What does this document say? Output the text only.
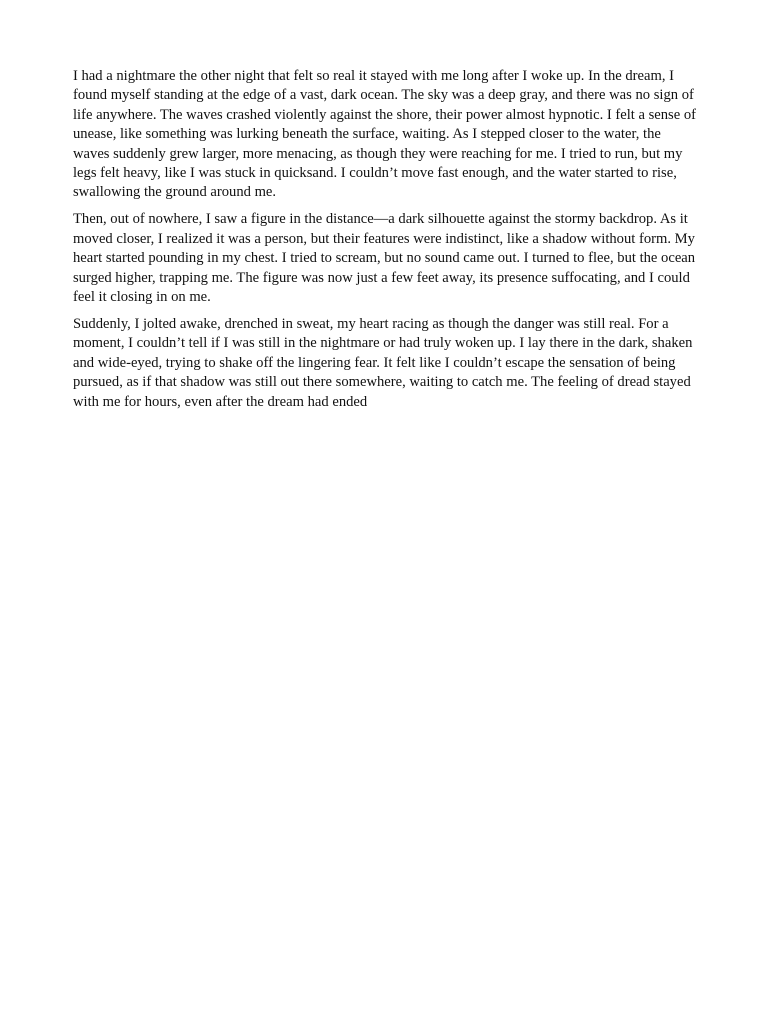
I had a nightmare the other night that felt so real it stayed with me long after I woke up. In the dream, I found myself standing at the edge of a vast, dark ocean. The sky was a deep gray, and there was no sign of life anywhere. The waves crashed violently against the shore, their power almost hypnotic. I felt a sense of unease, like something was lurking beneath the surface, waiting. As I stepped closer to the water, the waves suddenly grew larger, more menacing, as though they were reaching for me. I tried to run, but my legs felt heavy, like I was stuck in quicksand. I couldn’t move fast enough, and the water started to rise, swallowing the ground around me.

Then, out of nowhere, I saw a figure in the distance—a dark silhouette against the stormy backdrop. As it moved closer, I realized it was a person, but their features were indistinct, like a shadow without form. My heart started pounding in my chest. I tried to scream, but no sound came out. I turned to flee, but the ocean surged higher, trapping me. The figure was now just a few feet away, its presence suffocating, and I could feel it closing in on me.

Suddenly, I jolted awake, drenched in sweat, my heart racing as though the danger was still real. For a moment, I couldn’t tell if I was still in the nightmare or had truly woken up. I lay there in the dark, shaken and wide-eyed, trying to shake off the lingering fear. It felt like I couldn’t escape the sensation of being pursued, as if that shadow was still out there somewhere, waiting to catch me. The feeling of dread stayed with me for hours, even after the dream had ended
